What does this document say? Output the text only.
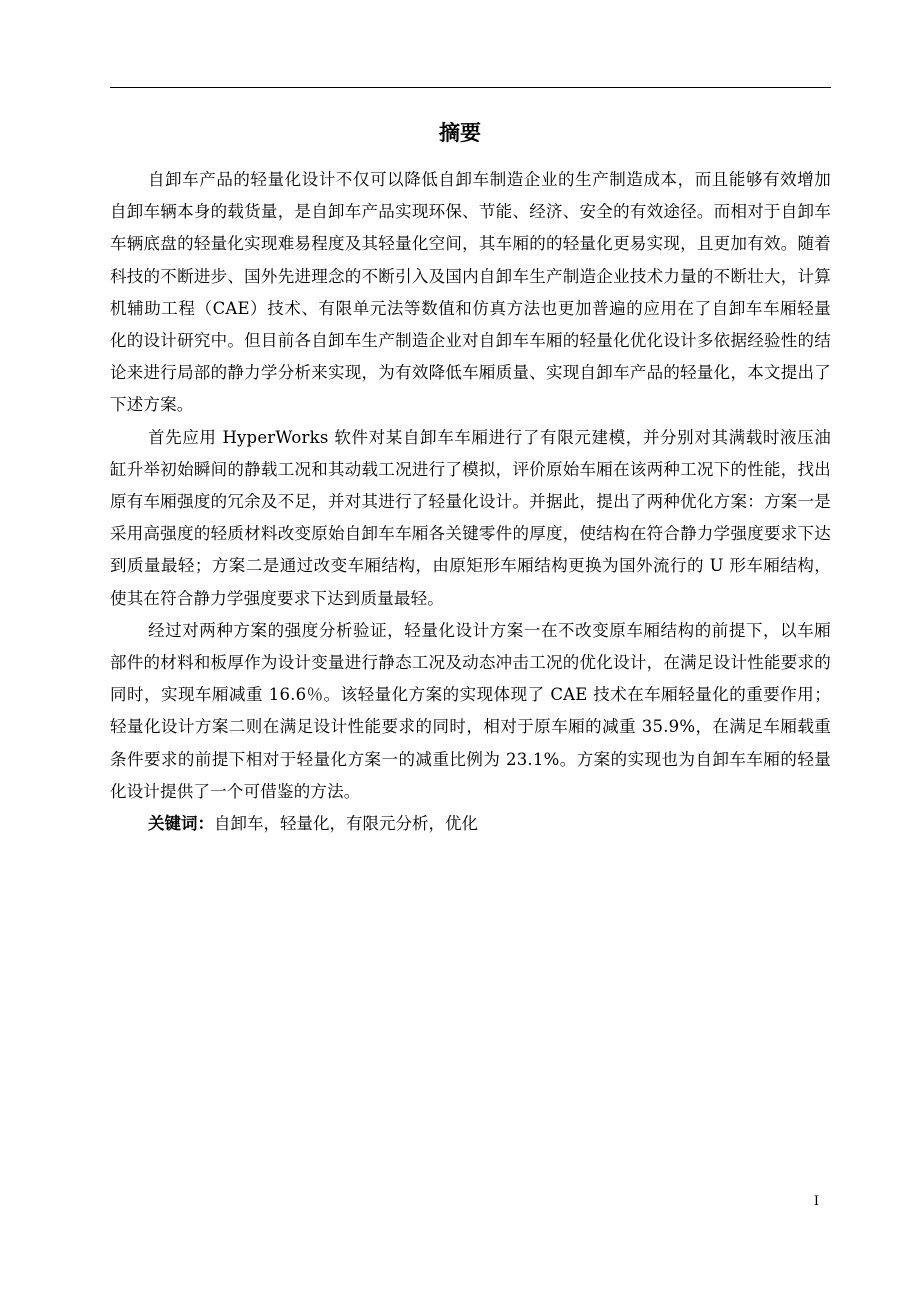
摘要

自卸车产品的轻量化设计不仅可以降低自卸车制造企业的生产制造成本，而且能够有效增加自卸车辆本身的载货量，是自卸车产品实现环保、节能、经济、安全的有效途径。而相对于自卸车车辆底盘的轻量化实现难易程度及其轻量化空间，其车厢的的轻量化更易实现，且更加有效。随着科技的不断进步、国外先进理念的不断引入及国内自卸车生产制造企业技术力量的不断壮大，计算机辅助工程（CAE）技术、有限单元法等数值和仿真方法也更加普遍的应用在了自卸车车厢轻量化的设计研究中。但目前各自卸车生产制造企业对自卸车车厢的轻量化优化设计多依据经验性的结论来进行局部的静力学分析来实现，为有效降低车厢质量、实现自卸车产品的轻量化，本文提出了下述方案。

首先应用 HyperWorks 软件对某自卸车车厢进行了有限元建模，并分别对其满载时液压油缸升举初始瞬间的静载工况和其动载工况进行了模拟，评价原始车厢在该两种工况下的性能，找出原有车厢强度的冗余及不足，并对其进行了轻量化设计。并据此，提出了两种优化方案：方案一是采用高强度的轻质材料改变原始自卸车车厢各关键零件的厚度，使结构在符合静力学强度要求下达到质量最轻；方案二是通过改变车厢结构，由原矩形车厢结构更换为国外流行的 U 形车厢结构，使其在符合静力学强度要求下达到质量最轻。

经过对两种方案的强度分析验证，轻量化设计方案一在不改变原车厢结构的前提下，以车厢部件的材料和板厚作为设计变量进行静态工况及动态冲击工况的优化设计，在满足设计性能要求的同时，实现车厢减重 16.6％。该轻量化方案的实现体现了 CAE 技术在车厢轻量化的重要作用；轻量化设计方案二则在满足设计性能要求的同时，相对于原车厢的减重 35.9%，在满足车厢载重条件要求的前提下相对于轻量化方案一的减重比例为 23.1%。方案的实现也为自卸车车厢的轻量化设计提供了一个可借鉴的方法。

关键词：自卸车，轻量化，有限元分析，优化

I
